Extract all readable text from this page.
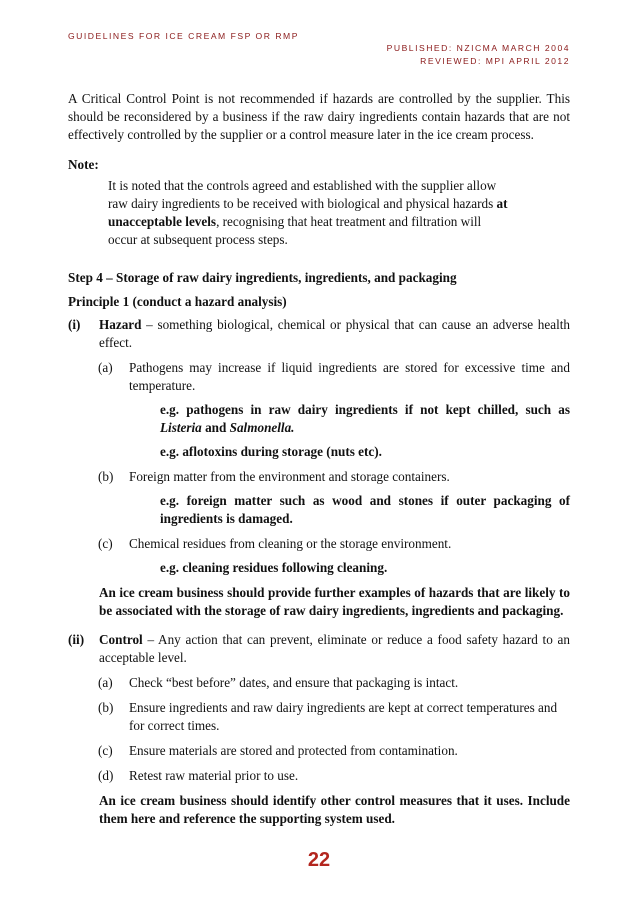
GUIDELINES FOR ICE CREAM FSP OR RMP
PUBLISHED: NZICMA MARCH 2004
REVIEWED: MPI APRIL 2012

A Critical Control Point is not recommended if hazards are controlled by the supplier. This should be reconsidered by a business if the raw dairy ingredients contain hazards that are not effectively controlled by the supplier or a control measure later in the ice cream process.

Note:

It is noted that the controls agreed and established with the supplier allow raw dairy ingredients to be received with biological and physical hazards at unacceptable levels, recognising that heat treatment and filtration will occur at subsequent process steps.

Step 4 – Storage of raw dairy ingredients, ingredients, and packaging

Principle 1 (conduct a hazard analysis)

(i) Hazard – something biological, chemical or physical that can cause an adverse health effect.
(a) Pathogens may increase if liquid ingredients are stored for excessive time and temperature.

e.g. pathogens in raw dairy ingredients if not kept chilled, such as Listeria and Salmonella.

e.g. aflotoxins during storage (nuts etc).

(b) Foreign matter from the environment and storage containers.

e.g. foreign matter such as wood and stones if outer packaging of ingredients is damaged.

(c) Chemical residues from cleaning or the storage environment.

e.g. cleaning residues following cleaning.

An ice cream business should provide further examples of hazards that are likely to be associated with the storage of raw dairy ingredients, ingredients and packaging.

(ii) Control – Any action that can prevent, eliminate or reduce a food safety hazard to an acceptable level.
(a) Check “best before” dates, and ensure that packaging is intact.
(b) Ensure ingredients and raw dairy ingredients are kept at correct temperatures and for correct times.
(c) Ensure materials are stored and protected from contamination.
(d) Retest raw material prior to use.

An ice cream business should identify other control measures that it uses. Include them here and reference the supporting system used.

22
